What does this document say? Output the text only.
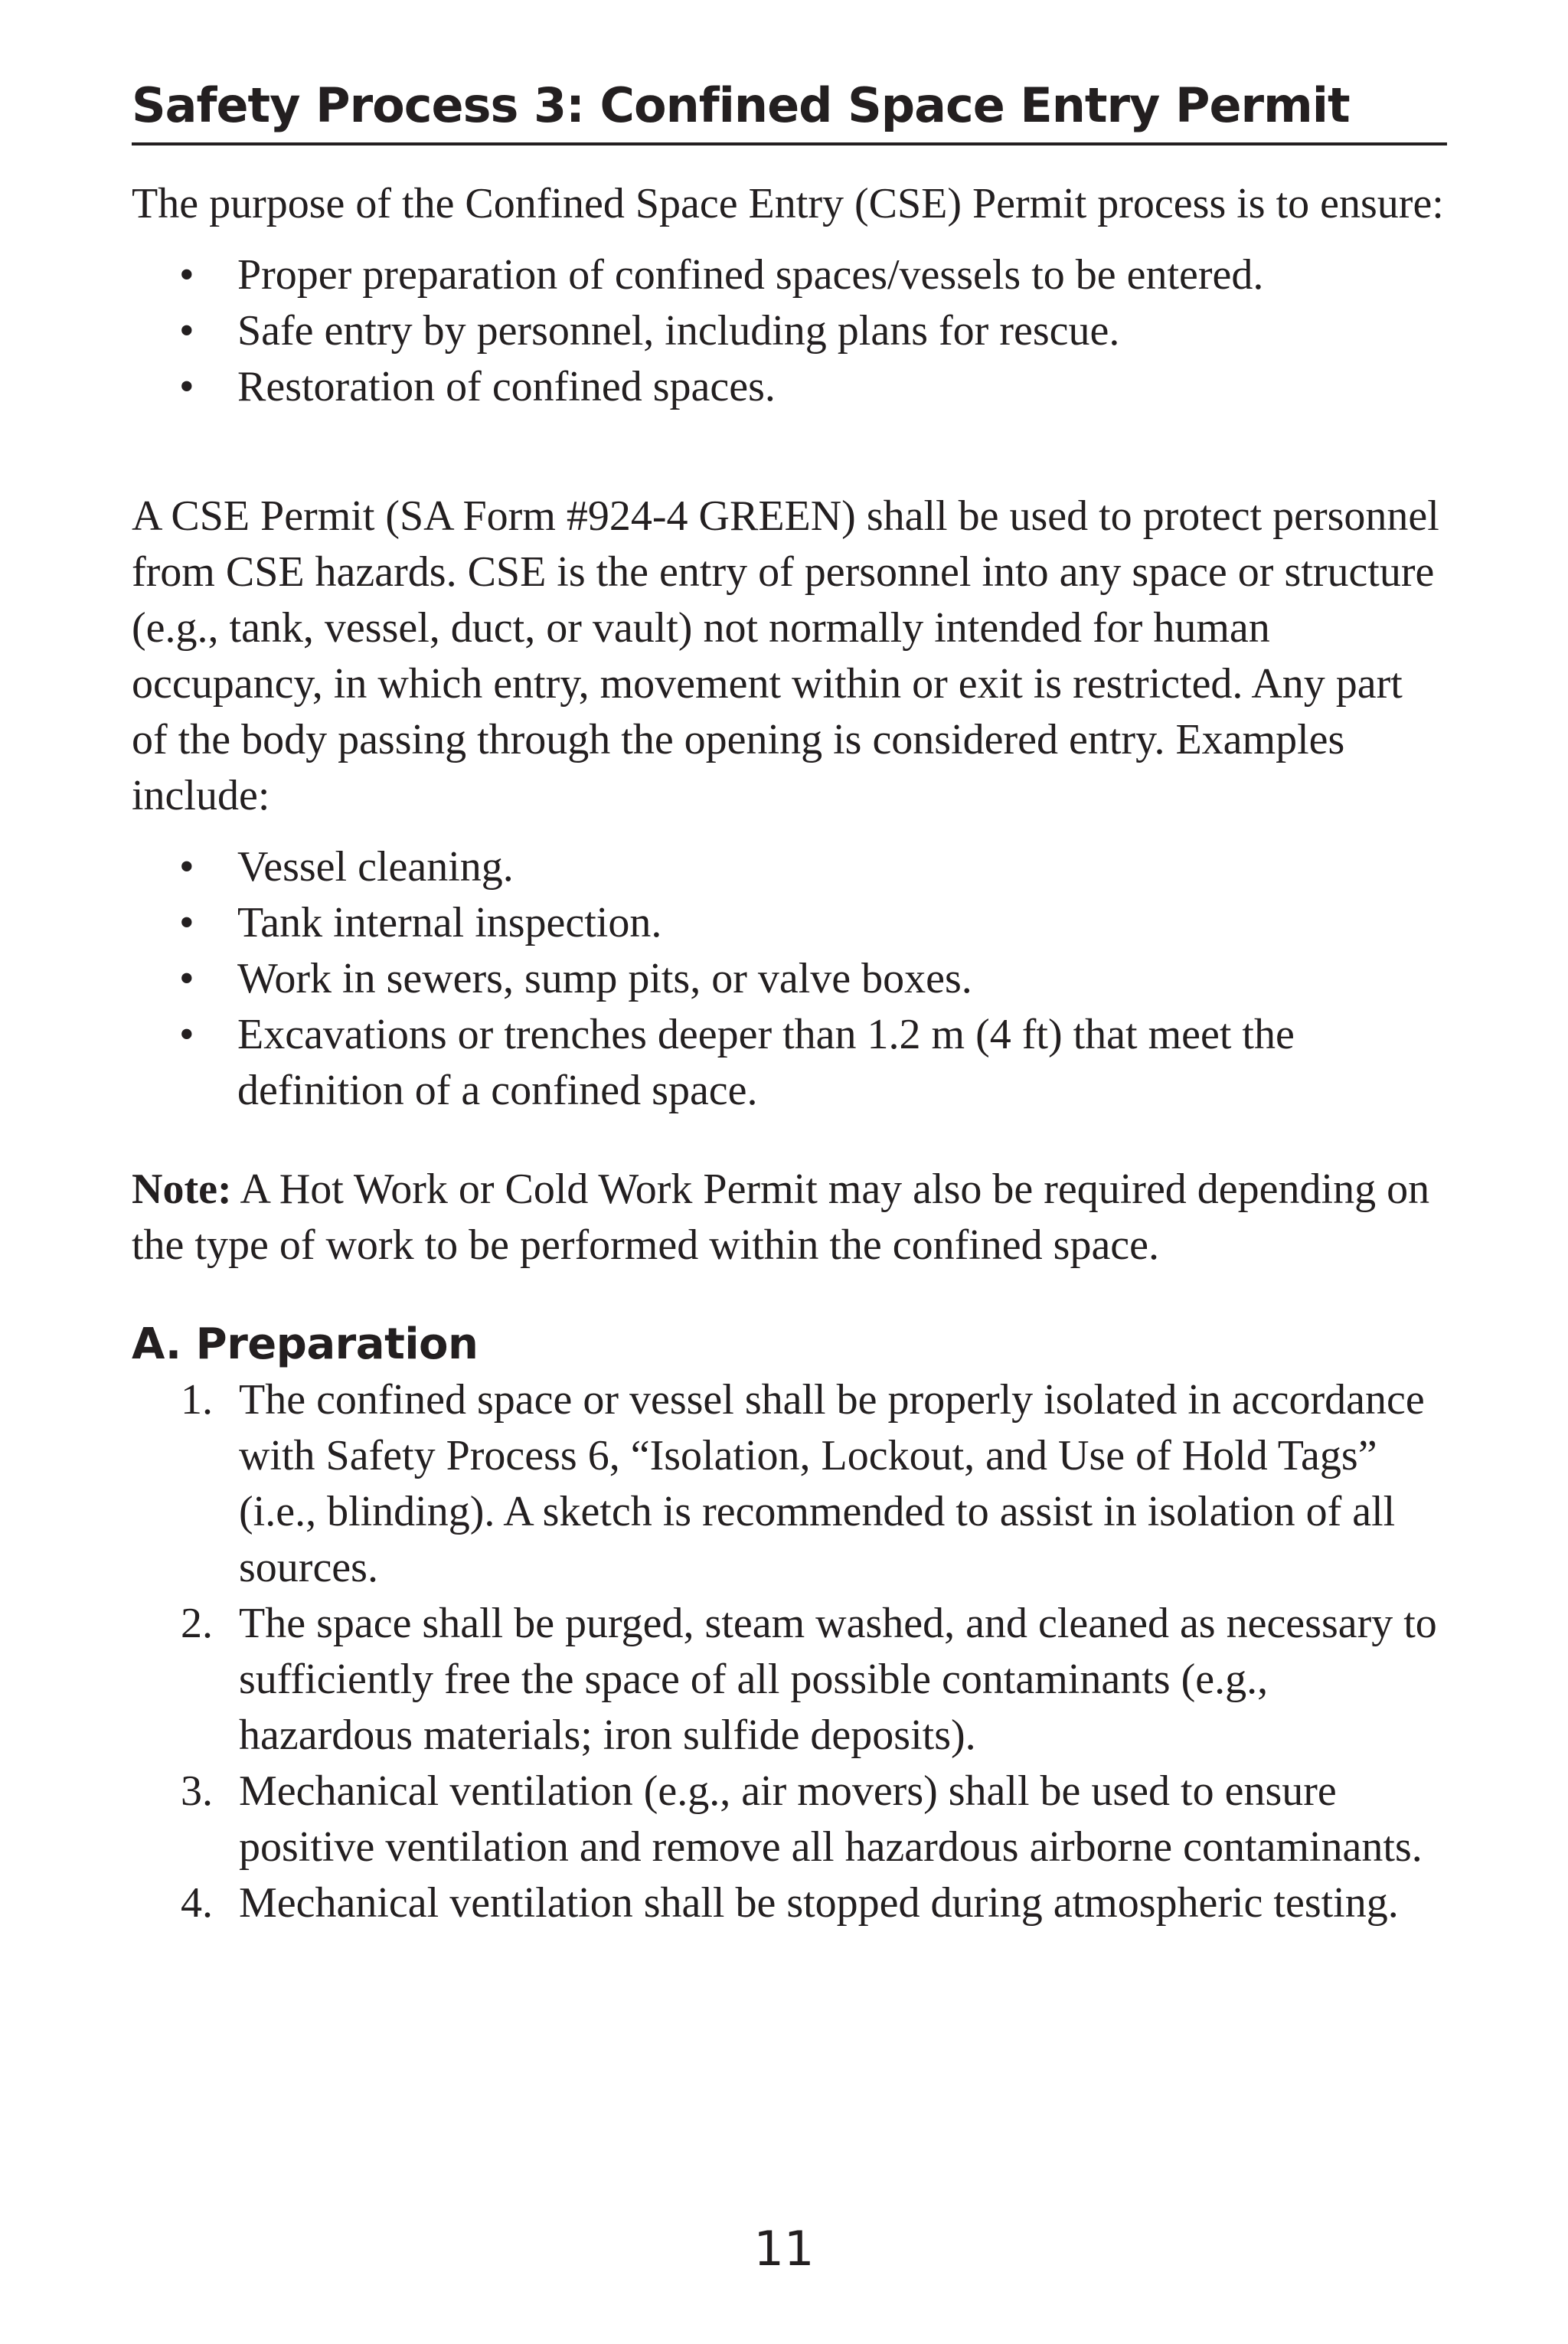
Safety Process 3: Confined Space Entry Permit

The purpose of the Confined Space Entry (CSE) Permit process is to ensure:

• Proper preparation of confined spaces/vessels to be entered.
• Safe entry by personnel, including plans for rescue.
• Restoration of confined spaces.

A CSE Permit (SA Form #924-4 GREEN) shall be used to protect personnel from CSE hazards. CSE is the entry of personnel into any space or structure (e.g., tank, vessel, duct, or vault) not normally intended for human occupancy, in which entry, movement within or exit is restricted. Any part of the body passing through the opening is considered entry. Examples include:

• Vessel cleaning.
• Tank internal inspection.
• Work in sewers, sump pits, or valve boxes.
• Excavations or trenches deeper than 1.2 m (4 ft) that meet the definition of a confined space.

Note: A Hot Work or Cold Work Permit may also be required depending on the type of work to be performed within the confined space.

A. Preparation
1. The confined space or vessel shall be properly isolated in accordance with Safety Process 6, “Isolation, Lockout, and Use of Hold Tags” (i.e., blinding). A sketch is recommended to assist in isolation of all sources.
2. The space shall be purged, steam washed, and cleaned as necessary to sufficiently free the space of all possible contaminants (e.g., hazardous materials; iron sulfide deposits).
3. Mechanical ventilation (e.g., air movers) shall be used to ensure positive ventilation and remove all hazardous airborne contaminants.
4. Mechanical ventilation shall be stopped during atmospheric testing.
11
